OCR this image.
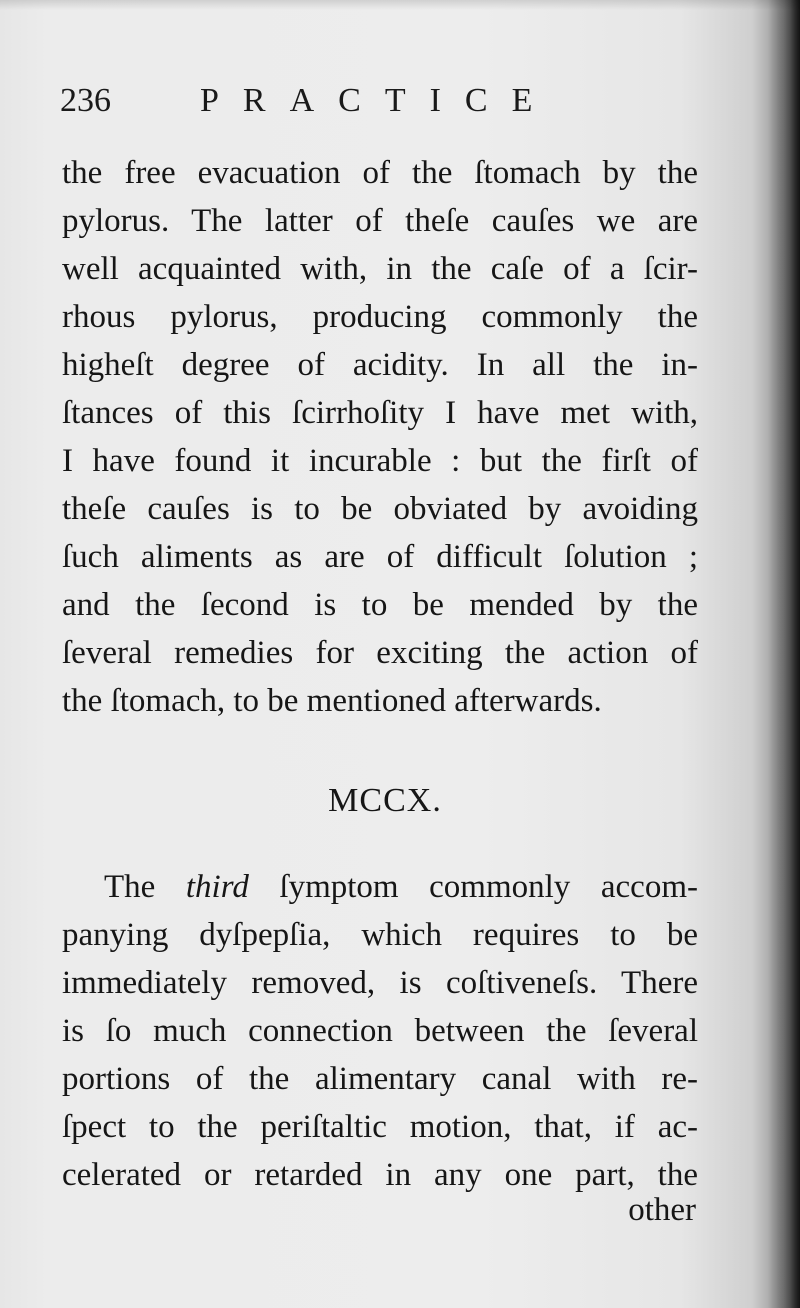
236	PRACTICE
the free evacuation of the ſtomach by the
pylorus. The latter of theſe cauſes we are
well acquainted with, in the caſe of a ſcir-
rhous pylorus, producing commonly the
higheſt degree of acidity. In all the in-
ſtances of this ſcirrhoſity I have met with,
I have found it incurable : but the firſt of
theſe cauſes is to be obviated by avoiding
ſuch aliments as are of difficult ſolution ;
and the ſecond is to be mended by the
ſeveral remedies for exciting the action of
the ſtomach, to be mentioned afterwards.
MCCX.
The third ſymptom commonly accom-
panying dyſpepſia, which requires to be
immediately removed, is coſtiveneſs. There
is ſo much connection between the ſeveral
portions of the alimentary canal with re-
ſpect to the periſtaltic motion, that, if ac-
celerated or retarded in any one part, the
other
